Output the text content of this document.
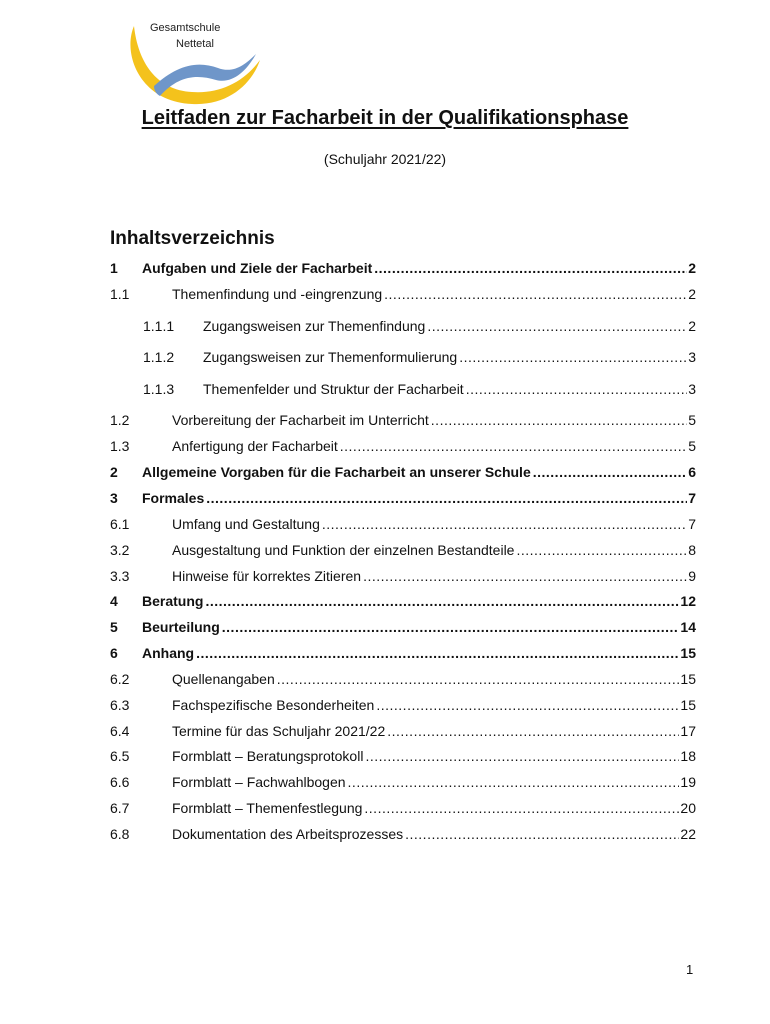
Gesamtschule
Nettetal
Leitfaden zur Facharbeit in der Qualifikationsphase
(Schuljahr 2021/22)
Inhaltsverzeichnis
1 Aufgaben und Ziele der Facharbeit .....	2
1.1	Themenfindung und -eingrenzung .....	2
1.1.1 Zugangsweisen zur Themenfindung .....	2
1.1.2 Zugangsweisen zur Themenformulierung .....	3
1.1.3 Themenfelder und Struktur der Facharbeit .....	3
1.2	Vorbereitung der Facharbeit im Unterricht .....	5
1.3	Anfertigung der Facharbeit .....	5
2 Allgemeine Vorgaben für die Facharbeit an unserer Schule .....	6
3 Formales .....	7
6.1	Umfang und Gestaltung .....	7
3.2	Ausgestaltung und Funktion der einzelnen Bestandteile .....	8
3.3	Hinweise für korrektes Zitieren .....	9
4 Beratung .....	12
5 Beurteilung .....	14
6 Anhang .....	15
6.2	Quellenangaben .....	15
6.3	Fachspezifische Besonderheiten .....	15
6.4	Termine für das Schuljahr 2021/22 .....	17
6.5	Formblatt – Beratungsprotokoll .....	18
6.6	Formblatt – Fachwahlbogen .....	19
6.7	Formblatt – Themenfestlegung .....	20
6.8	Dokumentation des Arbeitsprozesses .....	22
1
